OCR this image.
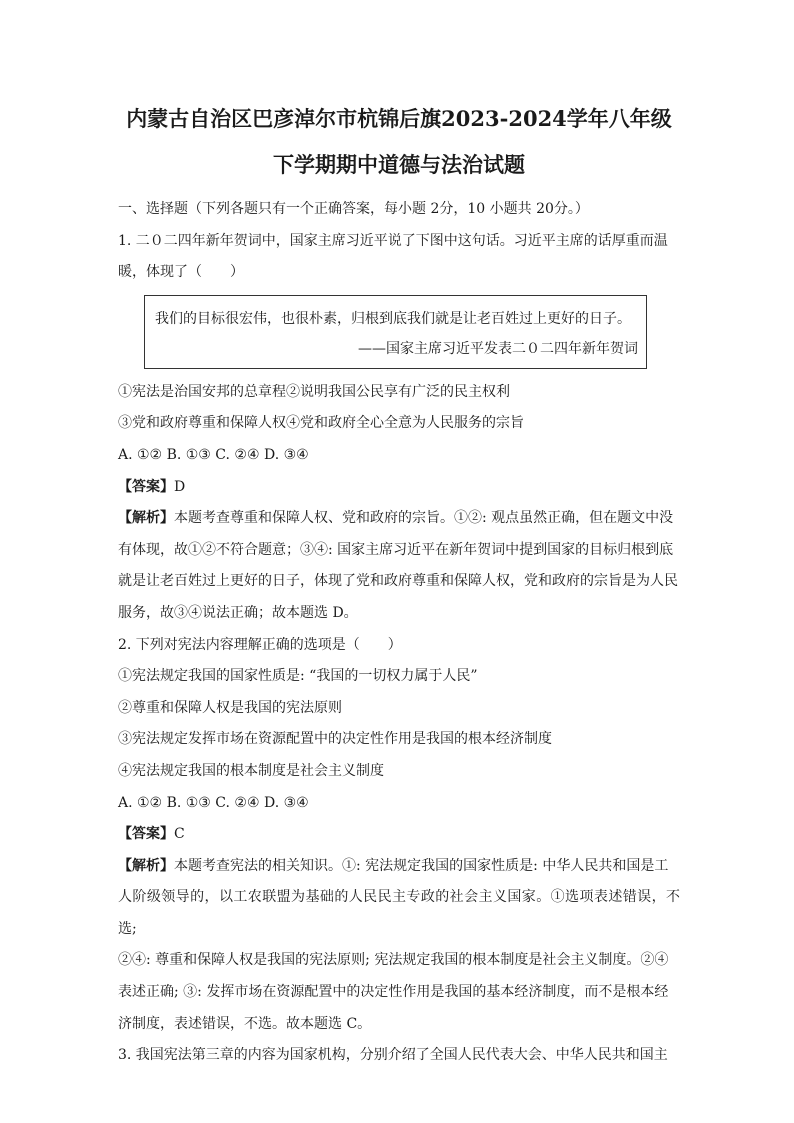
内蒙古自治区巴彦淖尔市杭锦后旗2023-2024学年八年级

下学期期中道德与法治试题

一、选择题（下列各题只有一个正确答案，每小题 2分，10 小题共 20分。）

1. 二０二四年新年贺词中，国家主席习近平说了下图中这句话。习近平主席的话厚重而温

暖，体现了（　　）

我们的目标很宏伟，也很朴素，归根到底我们就是让老百姓过上更好的日子。
——国家主席习近平发表二０二四年新年贺词

①宪法是治国安邦的总章程②说明我国公民享有广泛的民主权利

③党和政府尊重和保障人权④党和政府全心全意为人民服务的宗旨

A. ①② B. ①③ C. ②④ D. ③④

【答案】D

【解析】本题考查尊重和保障人权、党和政府的宗旨。①②: 观点虽然正确，但在题文中没

有体现，故①②不符合题意；③④: 国家主席习近平在新年贺词中提到国家的目标归根到底

就是让老百姓过上更好的日子，体现了党和政府尊重和保障人权，党和政府的宗旨是为人民

服务，故③④说法正确；故本题选 D。

2. 下列对宪法内容理解正确的选项是（　　）

①宪法规定我国的国家性质是: “我国的一切权力属于人民”

②尊重和保障人权是我国的宪法原则

③宪法规定发挥市场在资源配置中的决定性作用是我国的根本经济制度

④宪法规定我国的根本制度是社会主义制度

A. ①② B. ①③ C. ②④ D. ③④

【答案】C

【解析】本题考查宪法的相关知识。①: 宪法规定我国的国家性质是: 中华人民共和国是工

人阶级领导的，以工农联盟为基础的人民民主专政的社会主义国家。①选项表述错误，不选;

②④: 尊重和保障人权是我国的宪法原则; 宪法规定我国的根本制度是社会主义制度。②④

表述正确; ③: 发挥市场在资源配置中的决定性作用是我国的基本经济制度，而不是根本经

济制度，表述错误，不选。故本题选 C。

3. 我国宪法第三章的内容为国家机构，分别介绍了全国人民代表大会、中华人民共和国主
